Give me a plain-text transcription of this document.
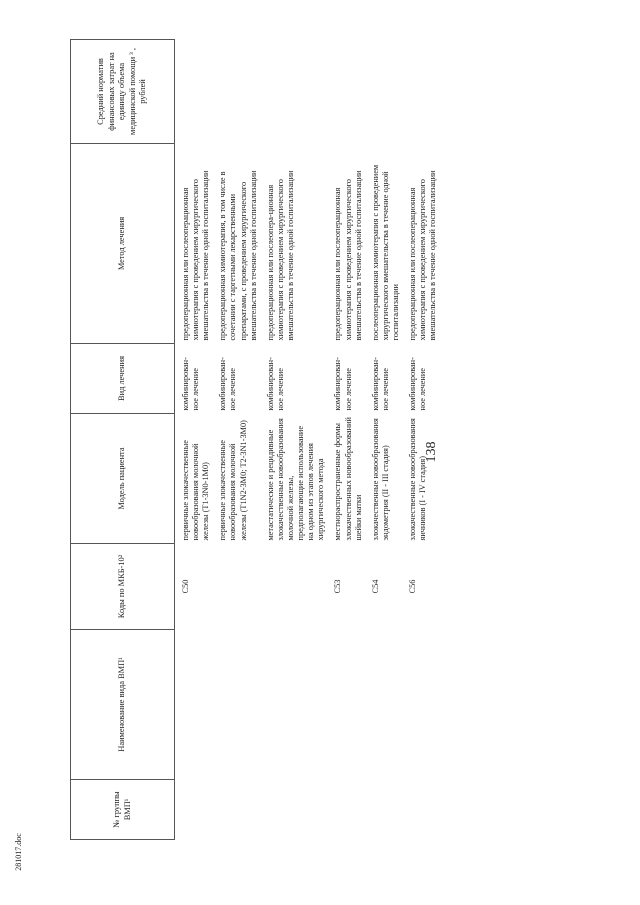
138
281017.doc
№ группы ВМП¹	Наименование вида ВМП¹	Коды по МКБ-10²	Модель пациента	Вид лечения	Метод лечения	Средний норматив финансовых затрат на единицу объема медицинской помощи ³ , рублей

		C50	первичные злокачественные новообразования молочной железы (T1-3N0-1M0)	комбинирован-ное лечение	предоперационная или послеоперационная химиотерапия с проведением хирургического вмешательства в течение одной госпитализации	

			первичные злокачественные новообразования молочной железы (T1N2-3M0; T2-3N1-3M0)	комбинирован-ное лечение	предоперационная химиотерапия, в том числе в сочетании с таргетными лекарственными препаратами, с проведением хирургического вмешательства в течение одной госпитализации	

			метастатические и рецидивные злокачественные новообразования молочной железы, предполагающие использование на одном из этапов лечения хирургического метода	комбинирован-ное лечение	предоперационная или послеопера-ционная химиотерапия с проведением хирургического вмешательства в течение одной госпитализации	

		C53	местнораспространенные формы злокачественных новообразований шейки матки	комбинирован-ное лечение	предоперационная или послеоперационная химиотерапия с проведением хирургического вмешательства в течение одной госпитализации	

		C54	злокачественные новообразования эндометрия (II - III стадия)	комбинирован-ное лечение	послеоперационная химиотерапия с проведением хирургического вмешательства в течение одной госпитализации	

		C56	злокачественные новообразования яичников (I - IV стадия)	комбинирован-ное лечение	предоперационная или послеоперационная химиотерапия с проведением хирургического вмешательства в течение одной госпитализации	
